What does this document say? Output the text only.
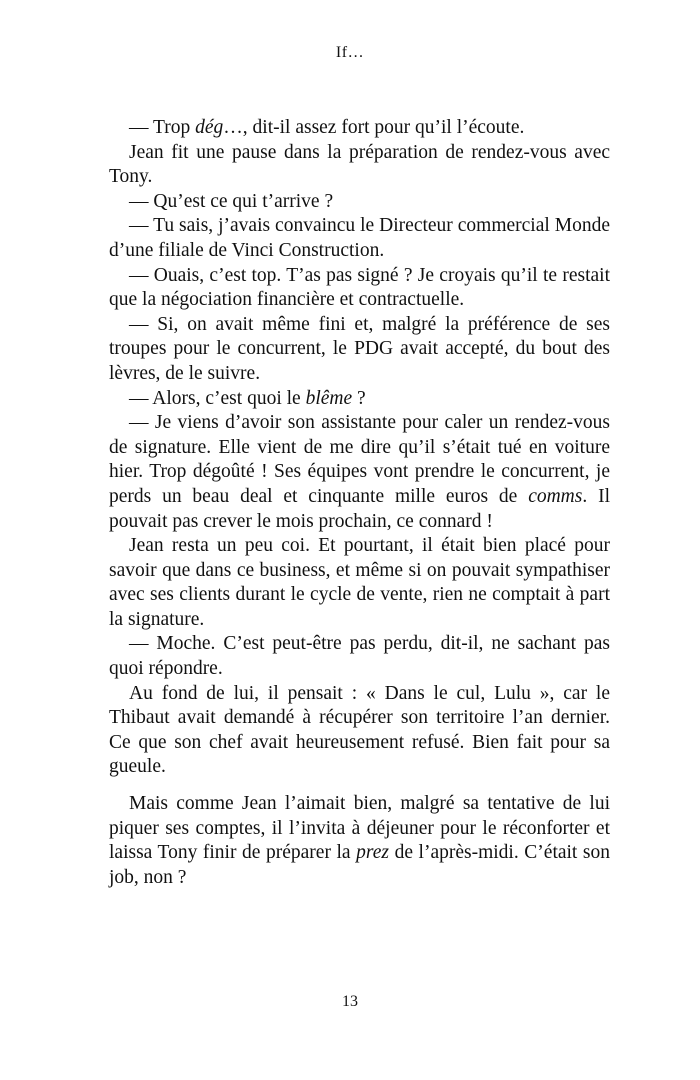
If…

— Trop dég…, dit-il assez fort pour qu’il l’écoute.

Jean fit une pause dans la préparation de rendez-vous avec Tony.

— Qu’est ce qui t’arrive ?

— Tu sais, j’avais convaincu le Directeur commercial Monde d’une filiale de Vinci Construction.

— Ouais, c’est top. T’as pas signé ? Je croyais qu’il te restait que la négociation financière et contractuelle.

— Si, on avait même fini et, malgré la préférence de ses troupes pour le concurrent, le PDG avait accepté, du bout des lèvres, de le suivre.

— Alors, c’est quoi le blême ?

— Je viens d’avoir son assistante pour caler un rendez-vous de signature. Elle vient de me dire qu’il s’était tué en voiture hier. Trop dégoûté ! Ses équipes vont prendre le concurrent, je perds un beau deal et cinquante mille euros de comms. Il pouvait pas crever le mois prochain, ce connard !

Jean resta un peu coi. Et pourtant, il était bien placé pour savoir que dans ce business, et même si on pouvait sympathiser avec ses clients durant le cycle de vente, rien ne comptait à part la signature.

— Moche. C’est peut-être pas perdu, dit-il, ne sachant pas quoi répondre.

Au fond de lui, il pensait : « Dans le cul, Lulu », car le Thibaut avait demandé à récupérer son territoire l’an dernier. Ce que son chef avait heureusement refusé. Bien fait pour sa gueule.

Mais comme Jean l’aimait bien, malgré sa tentative de lui piquer ses comptes, il l’invita à déjeuner pour le réconforter et laissa Tony finir de préparer la prez de l’après-midi. C’était son job, non ?

13
